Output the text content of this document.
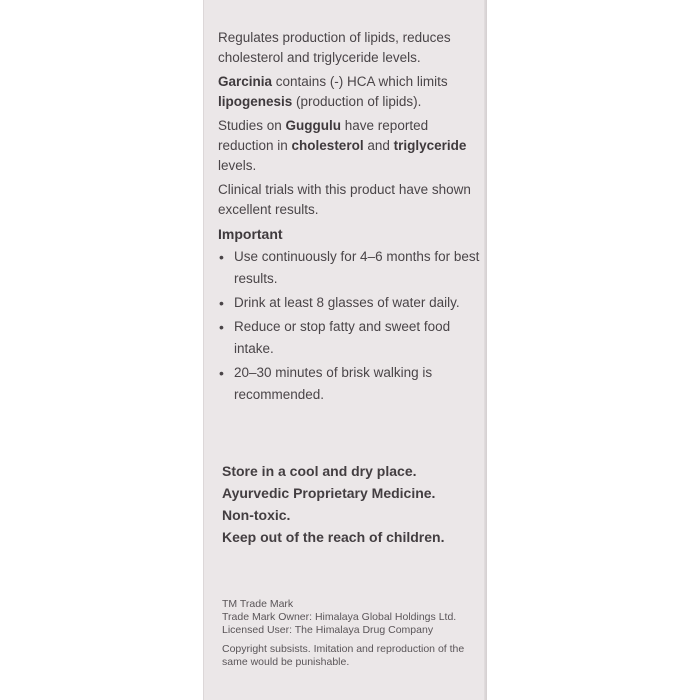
Regulates production of lipids, reduces cholesterol and triglyceride levels.

Garcinia contains (-) HCA which limits lipogenesis (production of lipids).

Studies on Guggulu have reported reduction in cholesterol and triglyceride levels.

Clinical trials with this product have shown excellent results.

Important
• Use continuously for 4–6 months for best results.
• Drink at least 8 glasses of water daily.
• Reduce or stop fatty and sweet food intake.
• 20–30 minutes of brisk walking is recommended.

Store in a cool and dry place.

Ayurvedic Proprietary Medicine.

Non-toxic.

Keep out of the reach of children.

TM Trade Mark

Trade Mark Owner: Himalaya Global Holdings Ltd.

Licensed User: The Himalaya Drug Company

Copyright subsists. Imitation and reproduction of the same would be punishable.
